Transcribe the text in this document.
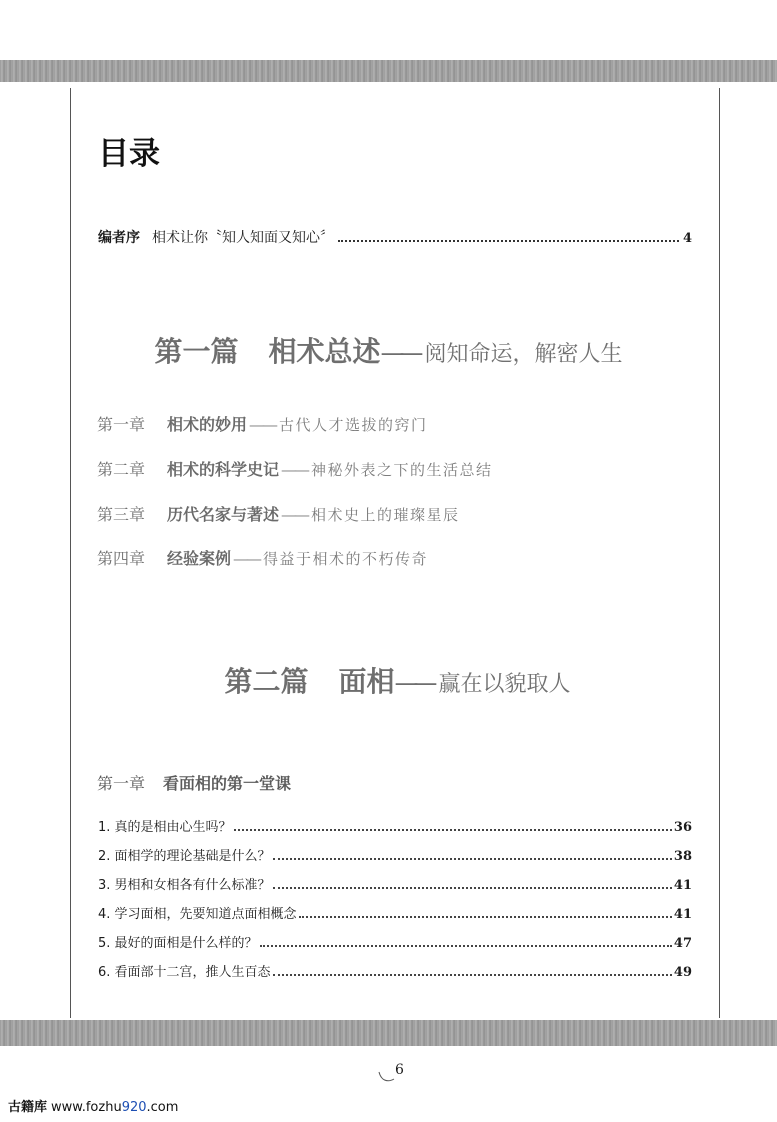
目录
编者序 相术让你〝知人知面又知心〞	4
第一篇 相术总述—— 阅知命运，解密人生
第一章 相术的妙用 —— 古代人才选拔的窍门
第二章 相术的科学史记 —— 神秘外表之下的生活总结
第三章 历代名家与著述 —— 相术史上的璀璨星辰
第四章 经验案例 —— 得益于相术的不朽传奇
第二篇 面相—— 赢在以貌取人
第一章 看面相的第一堂课
1. 真的是相由心生吗？	36
2. 面相学的理论基础是什么？	38
3. 男相和女相各有什么标准？	41
4. 学习面相，先要知道点面相概念	41
5. 最好的面相是什么样的？	47
6. 看面部十二宫，推人生百态	49
6
古籍库 www.fozhu920.com
